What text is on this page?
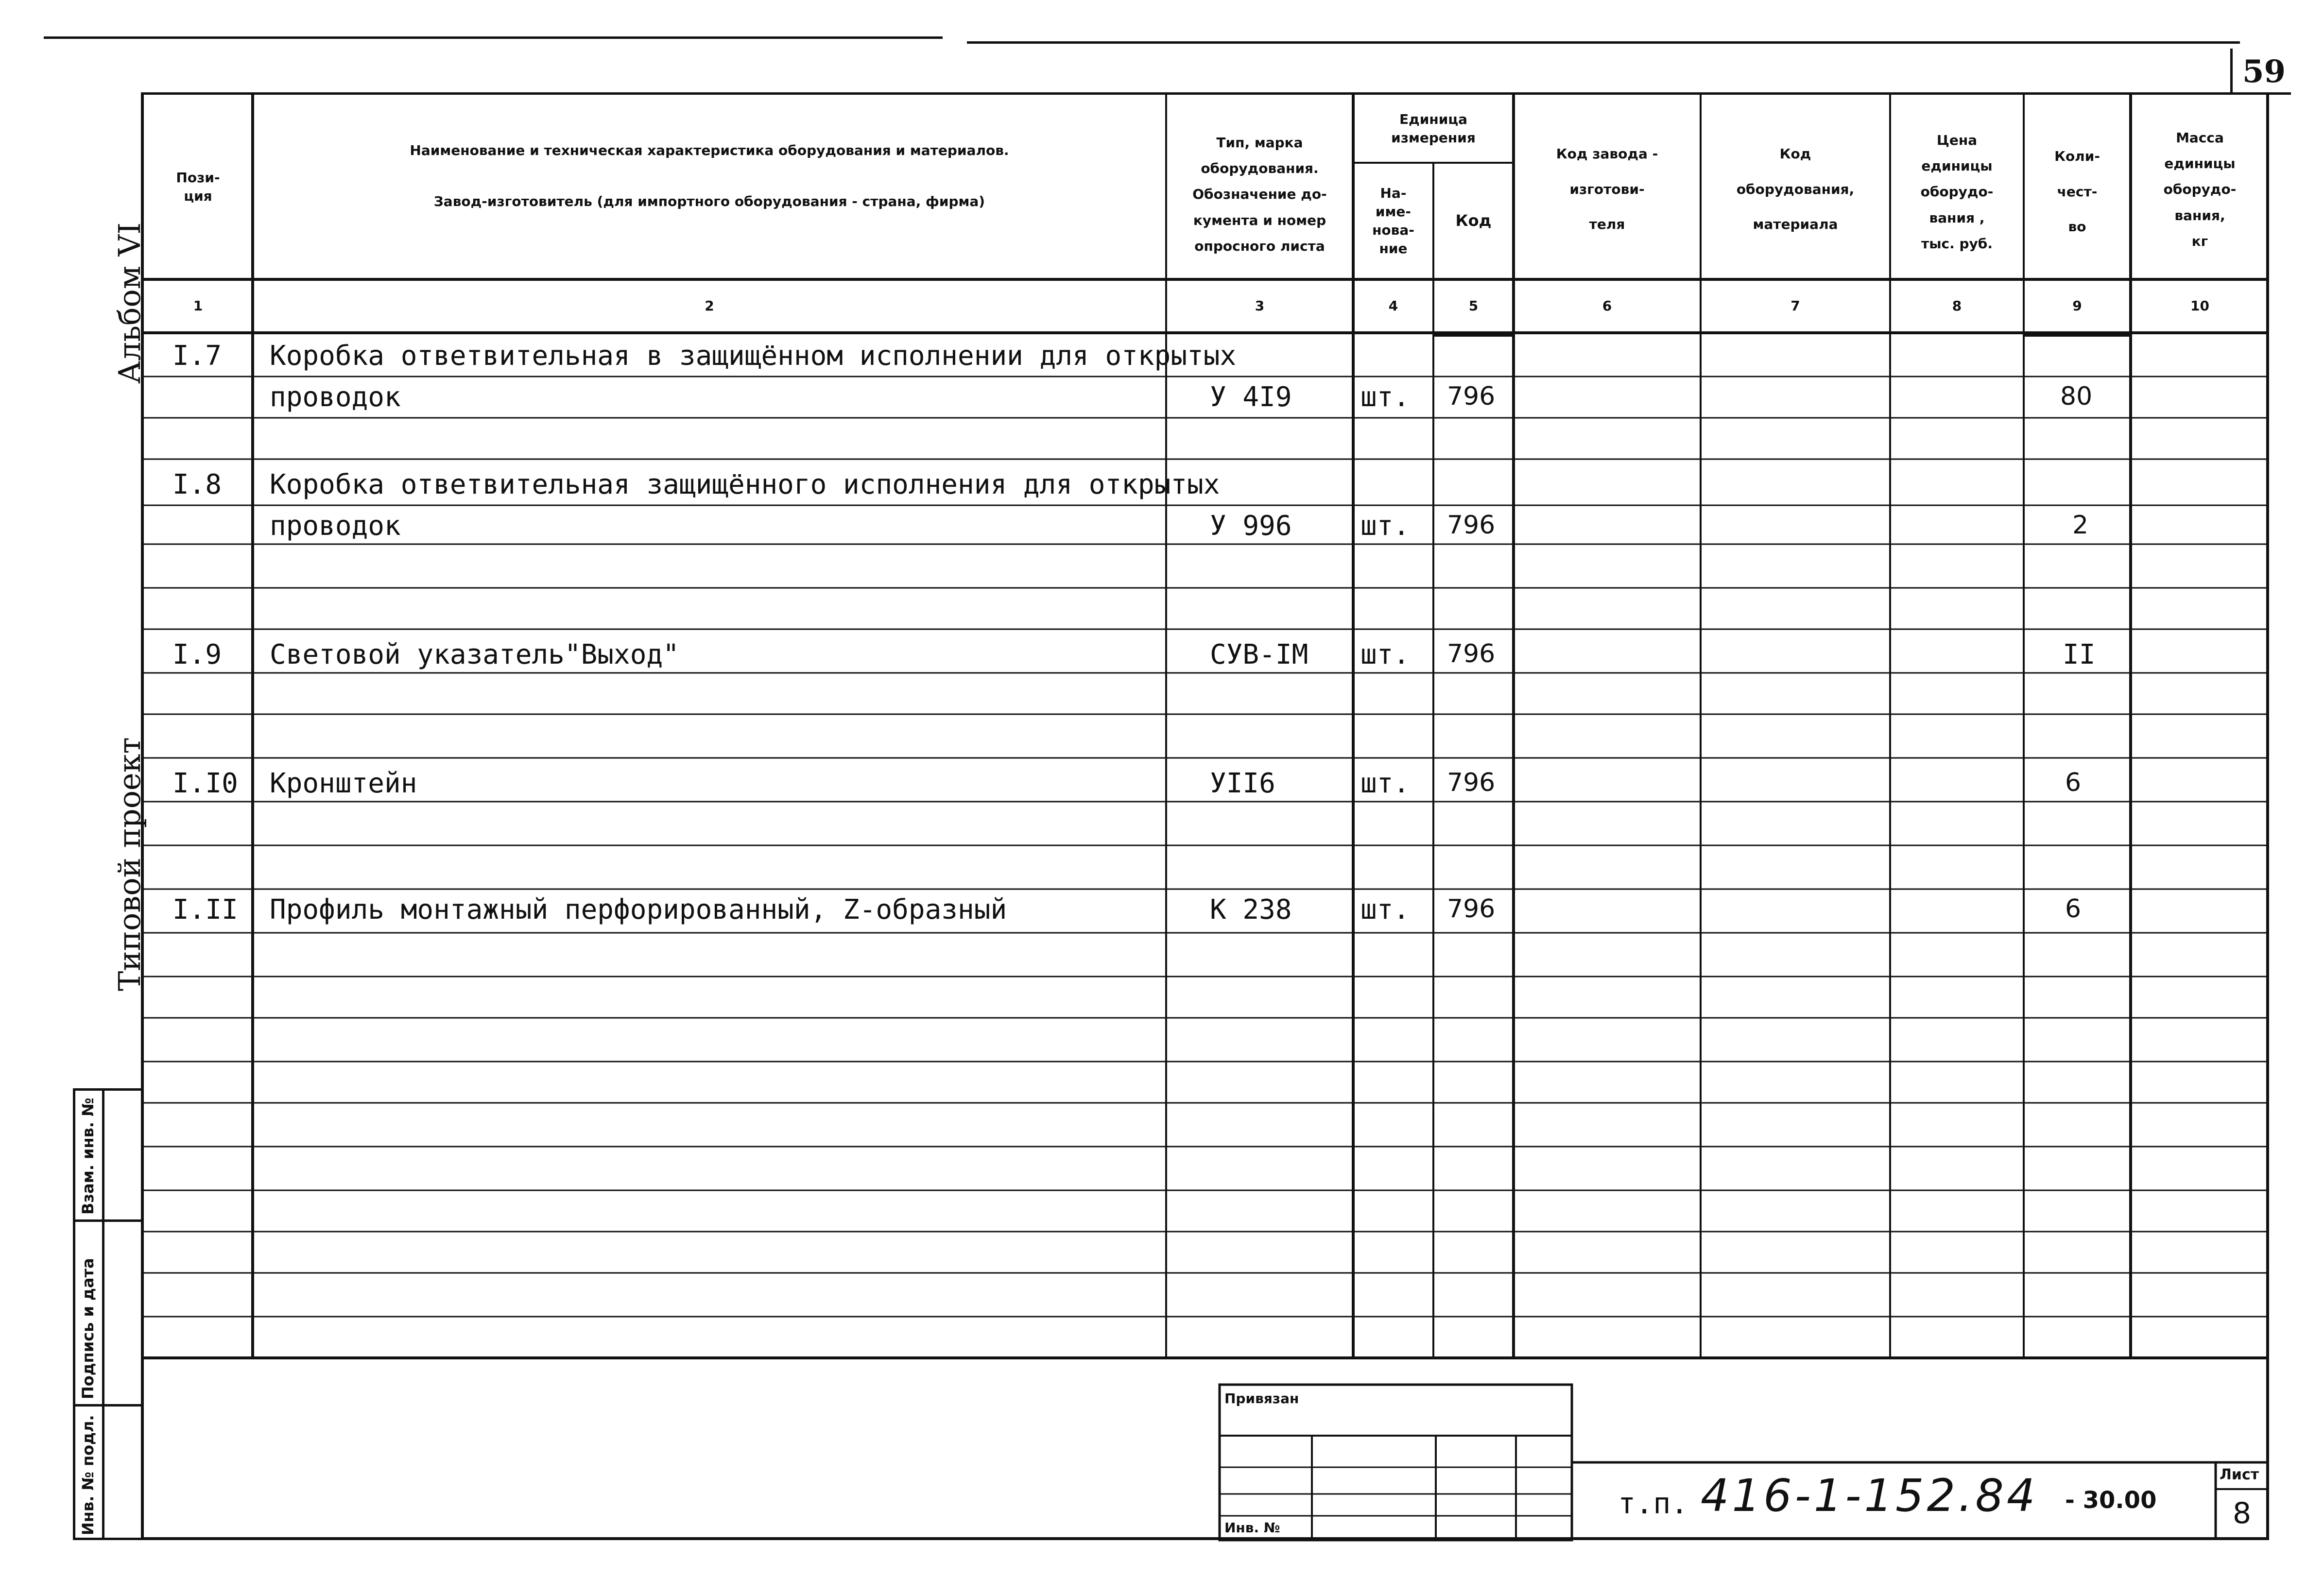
59
Альбом VI
Типовой проект
Взам. инв. №
Подпись и дата
Инв. № подл.
Пози-
ция
Наименование и техническая характеристика оборудования и материалов.
Завод-изготовитель (для импортного оборудования - страна, фирма)
Тип, марка
оборудования.
Обозначение до-
кумента и номер
опросного листа
Единица
измерения
На-
име-
нова-
ние
Код
Код завода -
изготови-
теля
Код
оборудования,
материала
Цена
единицы
оборудо-
вания ,
тыс. руб.
Коли-
чест-
во
Масса
единицы
оборудо-
вания,
кг
1	2	3	4	5	6	7	8	9	10
I.7 Коробка ответвительная в защищённом исполнении для открытых
проводок	У 4I9	шт. 796	80
I.8 Коробка ответвительная защищённого исполнения для открытых
проводок	У 996	шт. 796	2
I.9 Световой указатель"Выход"	СУВ-IМ шт. 796	II
I.I0 Кронштейн	УII6	шт. 796	6
I.II Профиль монтажный перфорированный, Z-образный	К 238	шт. 796	6
Привязан
Инв. №
т.п. 416-1-152.84 - 30.00
Лист
8
